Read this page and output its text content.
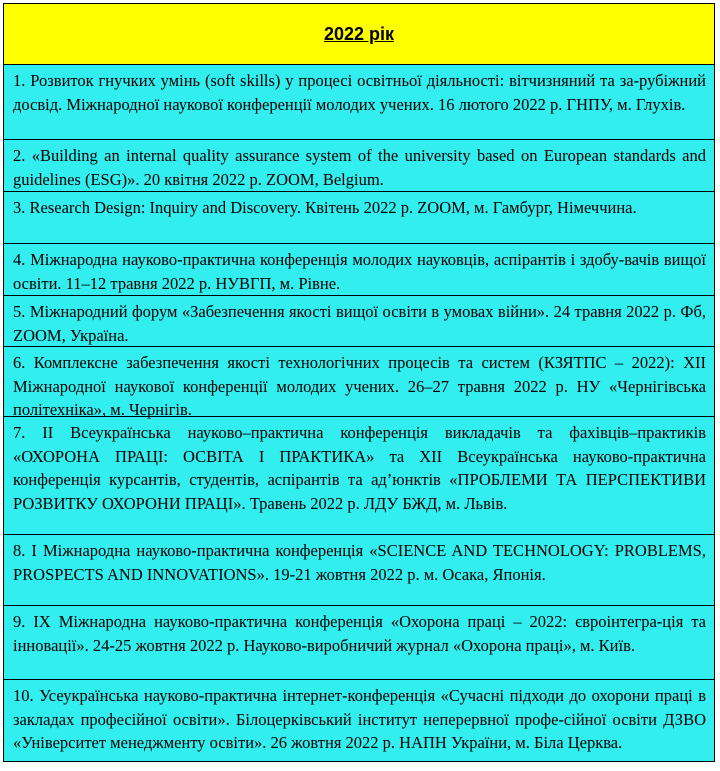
2022 рік
1. Розвиток гнучких умінь (soft skills) у процесі освітньої діяльності: вітчизняний та за-рубіжний досвід. Міжнародної наукової конференції молодих учених. 16 лютого 2022 р. ГНПУ, м. Глухів.
2. «Building an internal quality assurance system of the university based on European standards and guidelines (ESG)». 20 квітня 2022 р. ZOOM, Belgium.
3. Research Design: Inquiry and Discovery. Квітень 2022 р. ZOOM, м. Гамбург, Німеччина.
4. Міжнародна науково-практична конференція молодих науковців, аспірантів і здобу-вачів вищої освіти. 11–12 травня 2022 р. НУВГП, м. Рівне.
5. Міжнародний форум «Забезпечення якості вищої освіти в умовах війни». 24 травня 2022 р. Фб, ZOOM, Україна.
6. Комплексне забезпечення якості технологічних процесів та систем (КЗЯТПС – 2022): XII Міжнародної наукової конференції молодих учених. 26–27 травня 2022 р. НУ «Чернігівська політехніка», м. Чернігів.
7. II Всеукраїнська науково–практична конференція викладачів та фахівців–практиків «ОХОРОНА ПРАЦІ: ОСВІТА І ПРАКТИКА» та XII Всеукраїнська науково-практична конференція курсантів, студентів, аспірантів та ад’юнктів «ПРОБЛЕМИ ТА ПЕРСПЕКТИВИ РОЗВИТКУ ОХОРОНИ ПРАЦІ». Травень 2022 р. ЛДУ БЖД, м. Львів.
8. І Міжнародна науково-практична конференція «SCIENCE AND TECHNOLOGY: PROBLEMS, PROSPECTS AND INNOVATIONS». 19-21 жовтня 2022 р. м. Осака, Японія.
9. IX Міжнародна науково-практична конференція «Охорона праці – 2022: євроінтегра-ція та інновації». 24-25 жовтня 2022 р. Науково-виробничий журнал «Охорона праці», м. Київ.
10. Усеукраїнська науково-практична інтернет-конференція «Сучасні підходи до охорони праці в закладах професійної освіти». Білоцерківський інститут неперервної профе-сійної освіти ДЗВО «Університет менеджменту освіти». 26 жовтня 2022 р. НАПН України, м. Біла Церква.
